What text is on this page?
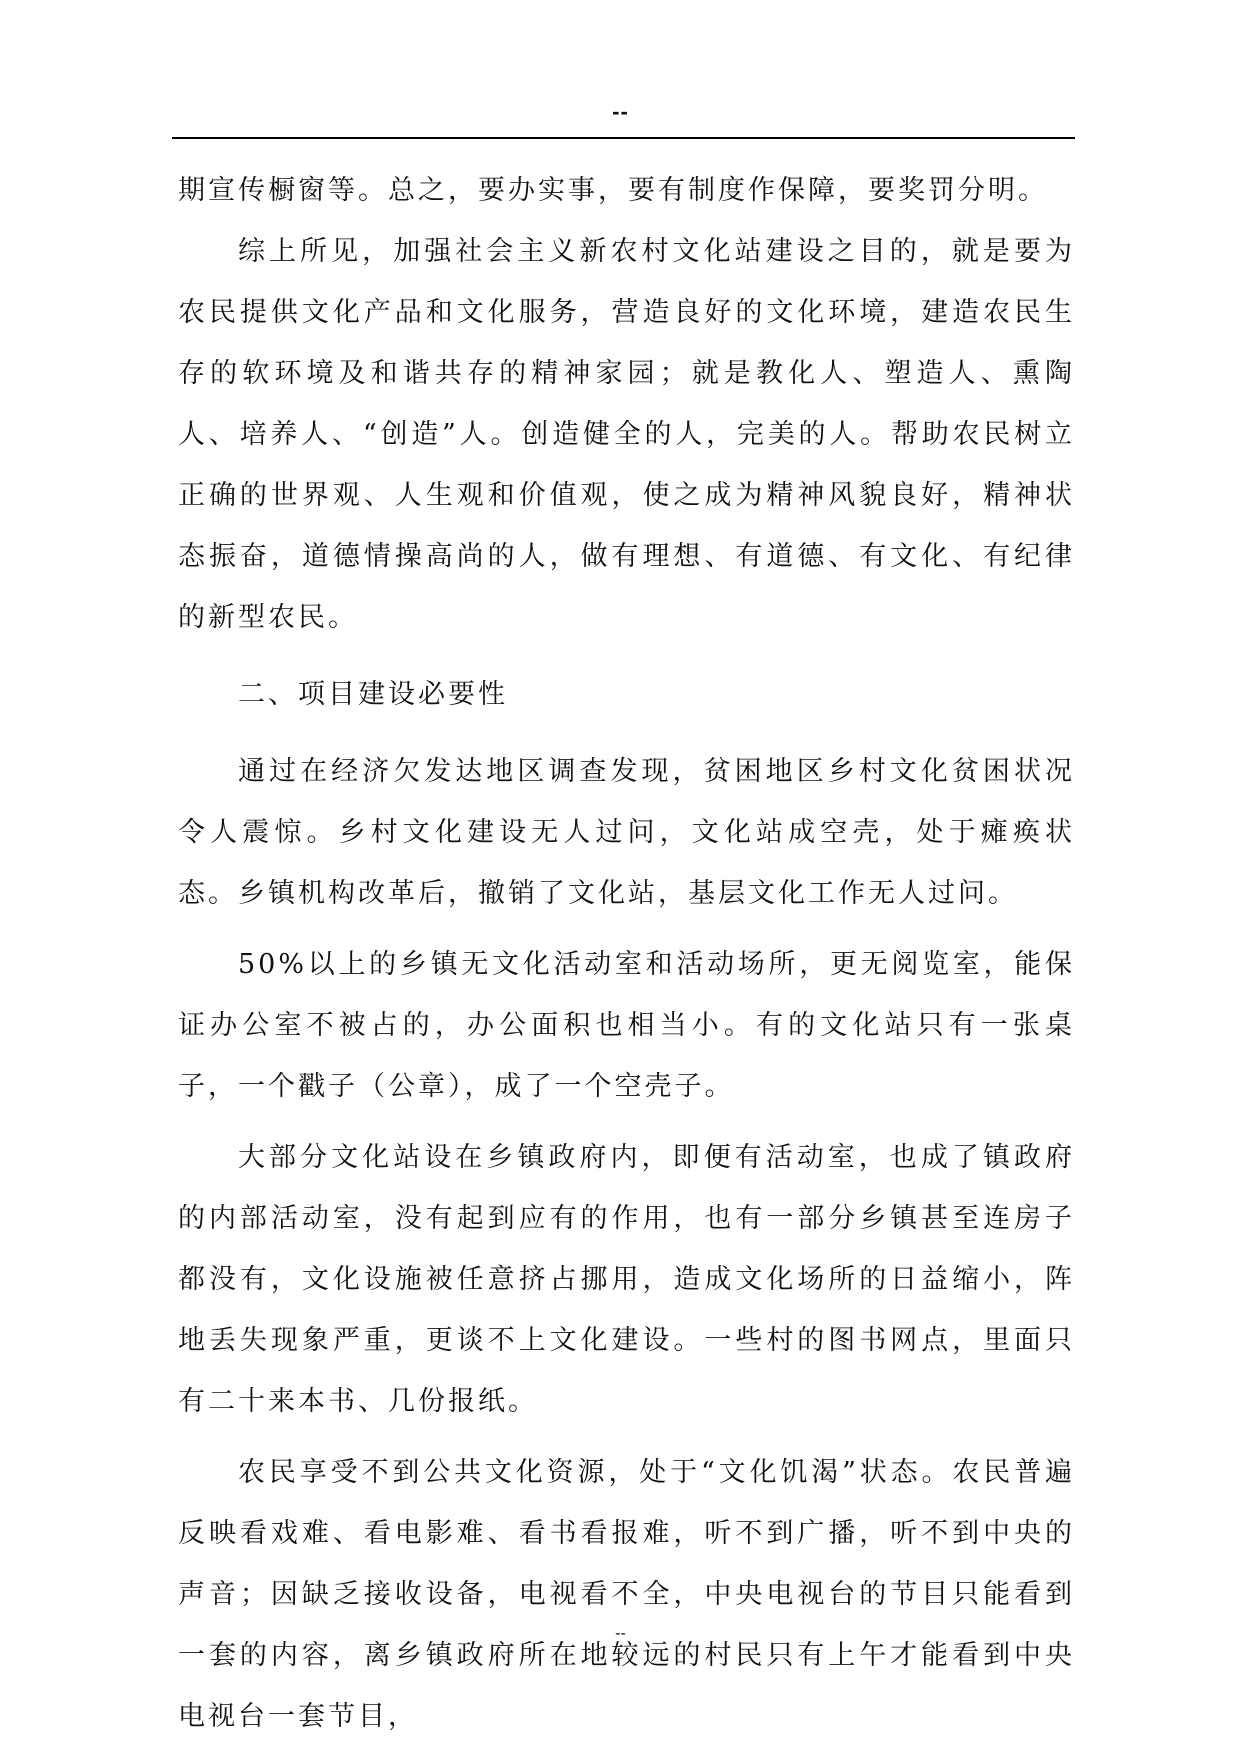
--

期宣传橱窗等。总之，要办实事，要有制度作保障，要奖罚分明。

综上所见，加强社会主义新农村文化站建设之目的，就是要为农民提供文化产品和文化服务，营造良好的文化环境，建造农民生存的软环境及和谐共存的精神家园；就是教化人、塑造人、熏陶人、培养人、“创造”人。创造健全的人，完美的人。帮助农民树立正确的世界观、人生观和价值观，使之成为精神风貌良好，精神状态振奋，道德情操高尚的人，做有理想、有道德、有文化、有纪律的新型农民。

二、项目建设必要性

通过在经济欠发达地区调查发现，贫困地区乡村文化贫困状况令人震惊。乡村文化建设无人过问，文化站成空壳，处于瘫痪状态。乡镇机构改革后，撤销了文化站，基层文化工作无人过问。

50%以上的乡镇无文化活动室和活动场所，更无阅览室，能保证办公室不被占的，办公面积也相当小。有的文化站只有一张桌子，一个戳子（公章），成了一个空壳子。

大部分文化站设在乡镇政府内，即便有活动室，也成了镇政府的内部活动室，没有起到应有的作用，也有一部分乡镇甚至连房子都没有，文化设施被任意挤占挪用，造成文化场所的日益缩小，阵地丢失现象严重，更谈不上文化建设。一些村的图书网点，里面只有二十来本书、几份报纸。

农民享受不到公共文化资源，处于“文化饥渴”状态。农民普遍反映看戏难、看电影难、看书看报难，听不到广播，听不到中央的声音；因缺乏接收设备，电视看不全，中央电视台的节目只能看到一套的内容，离乡镇政府所在地较远的村民只有上午才能看到中央电视台一套节目，

--
